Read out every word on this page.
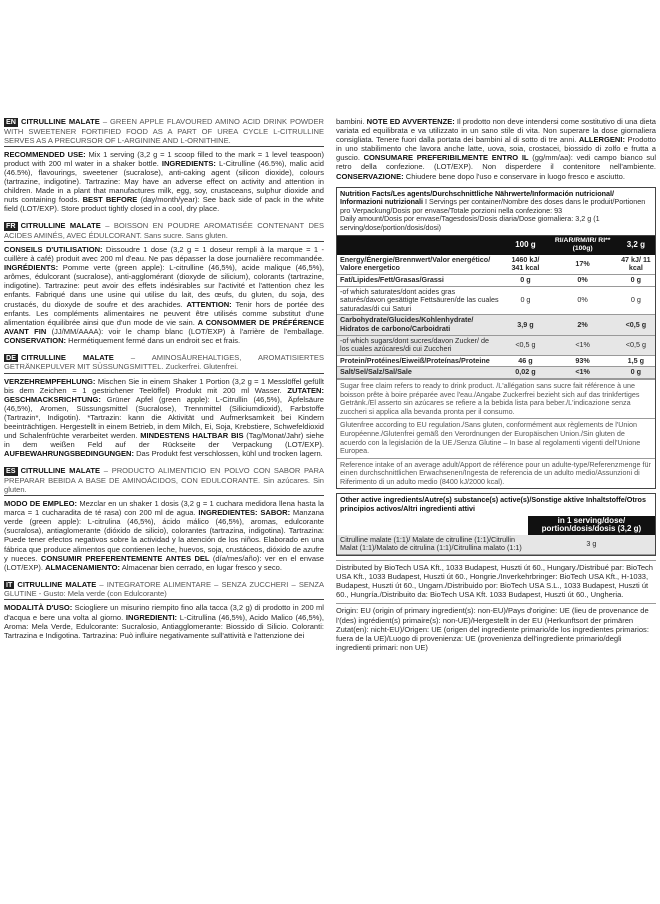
EN CITRULLINE MALATE – GREEN APPLE FLAVOURED AMINO ACID DRINK POWDER WITH SWEETENER FORTIFIED FOOD AS A PART OF UREA CYCLE L-CITRULLINE SERVES AS A PRECURSOR OF L-ARGININE AND L-ORNITHINE.

RECOMMENDED USE: Mix 1 serving (3,2 g = 1 scoop filled to the mark = 1 level teaspoon) product with 200 ml water in a shaker bottle. INGREDIENTS: L-Citrulline (46.5%), malic acid (46.5%), flavourings, sweetener (sucralose), anti-caking agent (silicon dioxide), colours (tartrazine, indigotine). Tartrazine: May have an adverse effect on activity and attention in children. Made in a plant that manufactures milk, egg, soy, crustaceans, sulphur dioxide and nuts containing foods. BEST BEFORE (day/month/year): See back side of pack in the white field (LOT/EXP). Store product tightly closed in a cool, dry place.

FR CITRULLINE MALATE – BOISSON EN POUDRE AROMATISÉE CONTENANT DES ACIDES AMINÉS, AVEC ÉDULCORANT. Sans sucre. Sans gluten.

CONSEILS D'UTILISATION: Dissoudre 1 dose (3,2 g = 1 doseur rempli à la marque = 1 - cuillère à café) produit avec 200 ml d'eau. Ne pas dépasser la dose journalière recommandée. INGRÉDIENTS: Pomme verte (green apple): L-citrulline (46,5%), acide malique (46,5%), arômes, édulcorant (sucralose), anti-agglomérant (dioxyde de silicium), colorants (tartrazine, indigotine). Tartrazine: peut avoir des effets indésirables sur l'activité et l'attention chez les enfants. Fabriqué dans une usine qui utilise du lait, des œufs, du gluten, du soja, des crustacés, du dioxyde de soufre et des arachides. ATTENTION: Tenir hors de portée des enfants. Les compléments alimentaires ne peuvent être utilisés comme substitut d'une alimentation équilibrée ainsi que d'un mode de vie sain. A CONSOMMER DE PRÉFÉRENCE AVANT FIN (JJ/MM/AAAA): voir le champ blanc (LOT/EXP) à l'arrière de l'emballage. CONSERVATION: Hermétiquement fermé dans un endroit sec et frais.

DE CITRULLINE MALATE – AMINOSÄUREHALTIGES, AROMATISIERTES GETRÄNKEPULVER MIT SÜSSUNGSMITTEL. Zuckerfrei. Glutenfrei.

VERZEHREMPFEHLUNG: Mischen Sie in einem Shaker 1 Portion (3,2 g = 1 Messlöffel gefüllt bis dem Zeichen = 1 gestrichener Teelöffel) Produkt mit 200 ml Wasser. ZUTATEN: GESCHMACKSRICHTUNG: Grüner Apfel (green apple): L-Citrullin (46,5%), Äpfelsäure (46,5%), Aromen, Süssungsmittel (Sucralose), Trennmittel (Siliciumdioxid), Farbstoffe (Tartrazin*, Indigotin). *Tartrazin: kann die Aktivität und Aufmerksamkeit bei Kindern beeinträchtigen. Hergestellt in einem Betrieb, in dem Milch, Ei, Soja, Krebstiere, Schwefeldioxid und Schalenfrüchte verarbeitet werden. MINDESTENS HALTBAR BIS (Tag/Monat/Jahr) siehe in dem weißen Feld auf der Rückseite der Verpackung (LOT/EXP). AUFBEWAHRUNGSBEDINGUNGEN: Das Produkt fest verschlossen, kühl und trocken lagern.

ES CITRULLINE MALATE – PRODUCTO ALIMENTICIO EN POLVO CON SABOR PARA PREPARAR BEBIDA A BASE DE AMINOÁCIDOS, CON EDULCORANTE. Sin azúcares. Sin gluten.

MODO DE EMPLEO: Mezclar en un shaker 1 dosis (3,2 g = 1 cuchara medidora llena hasta la marca = 1 cucharadita de té rasa) con 200 ml de agua. INGREDIENTES: SABOR: Manzana verde (green apple): L-citrulina (46,5%), ácido málico (46,5%), aromas, edulcorante (sucralosa), antiaglomerante (dióxido de silicio), colorantes (tartrazina, indigotina). Tartrazina: Puede tener efectos negativos sobre la actividad y la atención de los niños. Elaborado en una fábrica que produce alimentos que contienen leche, huevos, soja, crustáceos, dióxido de azufre y nueces. CONSUMIR PREFERENTEMENTE ANTES DEL (día/mes/año): ver en el envase (LOT/EXP). ALMACENAMIENTO: Almacenar bien cerrado, en lugar fresco y seco.

IT CITRULLINE MALATE – INTEGRATORE ALIMENTARE – SENZA ZUCCHERI – SENZA GLUTINE - Gusto: Mela verde (con Edulcorante)

MODALITÀ D'USO: Sciogliere un misurino riempito fino alla tacca (3,2 g) di prodotto in 200 ml d'acqua e bere una volta al giorno. INGREDIENTI: L-Citrullina (46,5%), Acido Malico (46,5%), Aroma: Mela Verde, Edulcorante: Sucralosio, Antiagglomerante: Biossido di Silicio. Coloranti: Tartrazina e Indigotina. Tartrazina: Può influire negativamente sull'attività e l'attenzione dei

bambini. NOTE ED AVVERTENZE: Il prodotto non deve intendersi come sostitutivo di una dieta variata ed equilibrata e va utilizzato in un sano stile di vita. Non superare la dose giornaliera consigliata. Tenere fuori dalla portata dei bambini al di sotto di tre anni. ALLERGENI: Prodotto in uno stabilimento che lavora anche latte, uova, soia, crostacei, biossido di zolfo e frutta a guscio. CONSUMARE PREFERIBILMENTE ENTRO IL (gg/mm/aa): vedi campo bianco sul retro della confezione. (LOT/EXP). Non disperdere il contenitore nell'ambiente. CONSERVAZIONE: Chiudere bene dopo l'uso e conservare in luogo fresco e asciutto.

Nutrition Facts/Les agents/Durchschnittliche Nährwerte/Información nutricional/ Informazioni nutrizionali I Servings per container/Nombre des doses dans le produit/Portionen pro Verpackung/Dosis por envase/Totale porzioni nella confezione: 93
Daily amount/Dosis por envase/Tagesdosis/Dosis diaria/Dose giornaliera: 3,2 g (1 serving/dose/portion/dosis/dosi)
	100 g	RI/AR/RM/IR/ RI** (100g)	3,2 g
Energy/Énergie/Brennwert/Valor energético/ Valore energetico	1460 kJ/ 341 kcal	17%	47 kJ/ 11 kcal
Fat/Lipides/Fett/Grasas/Grassi	0 g	0%	0 g
-of which saturates/dont acides gras saturés/davon gesättigte Fettsäuren/de las cuales saturadas/di cui Saturi	0 g	0%	0 g
Carbohydrate/Glucides/Kohlenhydrate/ Hidratos de carbono/Carboidrati	3,9 g	2%	<0,5 g
-of which sugars/dont sucres/davon Zucker/ de los cuales azúcares/di cui Zuccheri	<0,5 g	<1%	<0,5 g
Protein/Protéines/Eiweiß/Proteínas/Proteine	46 g	93%	1,5 g
Salt/Sel/Salz/Sal/Sale	0,02 g	<1%	0 g
Sugar free claim refers to ready to drink product. /L'allégation sans sucre fait référence à une boisson prête à boire préparée avec l'eau./Angabe Zuckerfrei bezieht sich auf das trinkfertiges Getränk./El asserto sin azúcares se refiere a la bebida lista para beber./L'indicazione senza zuccheri si applica alla bevanda pronta per il consumo.
Glutenfree according to EU regulation./Sans gluten, conformément aux règlements de l'Union Européenne./Glutenfrei gemäß den Verordnungen der Europäischen Union./Sin gluten de acuerdo con la legislación de la UE./Senza Glutine – In base al regolamenti vigenti dell'Unione Europea.
Reference intake of an average adult/Apport de référence pour un adulte-type/Referenzmenge für einen durchschnittlichen Erwachsenen/Ingesta de referencia de un adulto medio/Assunzioni di Riferimento di un adulto medio (8400 kJ/2000 kcal).
Other active ingredients/Autre(s) substance(s) active(s)/Sonstige aktive Inhaltstoffe/Otros principios activos/Altri ingredienti attivi
	in 1 serving/dose/ portion/dosis/dosis (3,2 g)
Citrulline malate (1:1)/ Malate de citrulline (1:1)/Citrullin Malat (1:1)/Malato de citrulina (1:1)/Citrullina malato (1:1)	3 g
Distributed by BioTech USA Kft., 1033 Budapest, Huszti út 60., Hungary./Distribué par: BioTech USA Kft., 1033 Budapest, Huszti út 60., Hongrie./Inverkehrbringer: BioTech USA Kft., H-1033, Budapest, Huszti út 60., Ungarn./Distribuido por: BioTech USA S.L., 1033 Budapest, Huszti út 60., Hungría./Distribuito da: BioTech USA Kft. 1033 Budapest, Huszti út 60., Ungheria.
Origin: EU (origin of primary ingredient(s): non-EU)/Pays d'origine: UE (lieu de provenance de l'(des) ingrédient(s) primaire(s): non-UE)/Hergestellt in der EU (Herkunftsort der primären Zutat(en): nicht-EU)/Origen: UE (origen del ingrediente primario/de los ingredientes primarios: fuera de la UE)/Luogo di provenienza: UE (provenienza dell'ingrediente primario/degli ingredienti primari: non UE)
